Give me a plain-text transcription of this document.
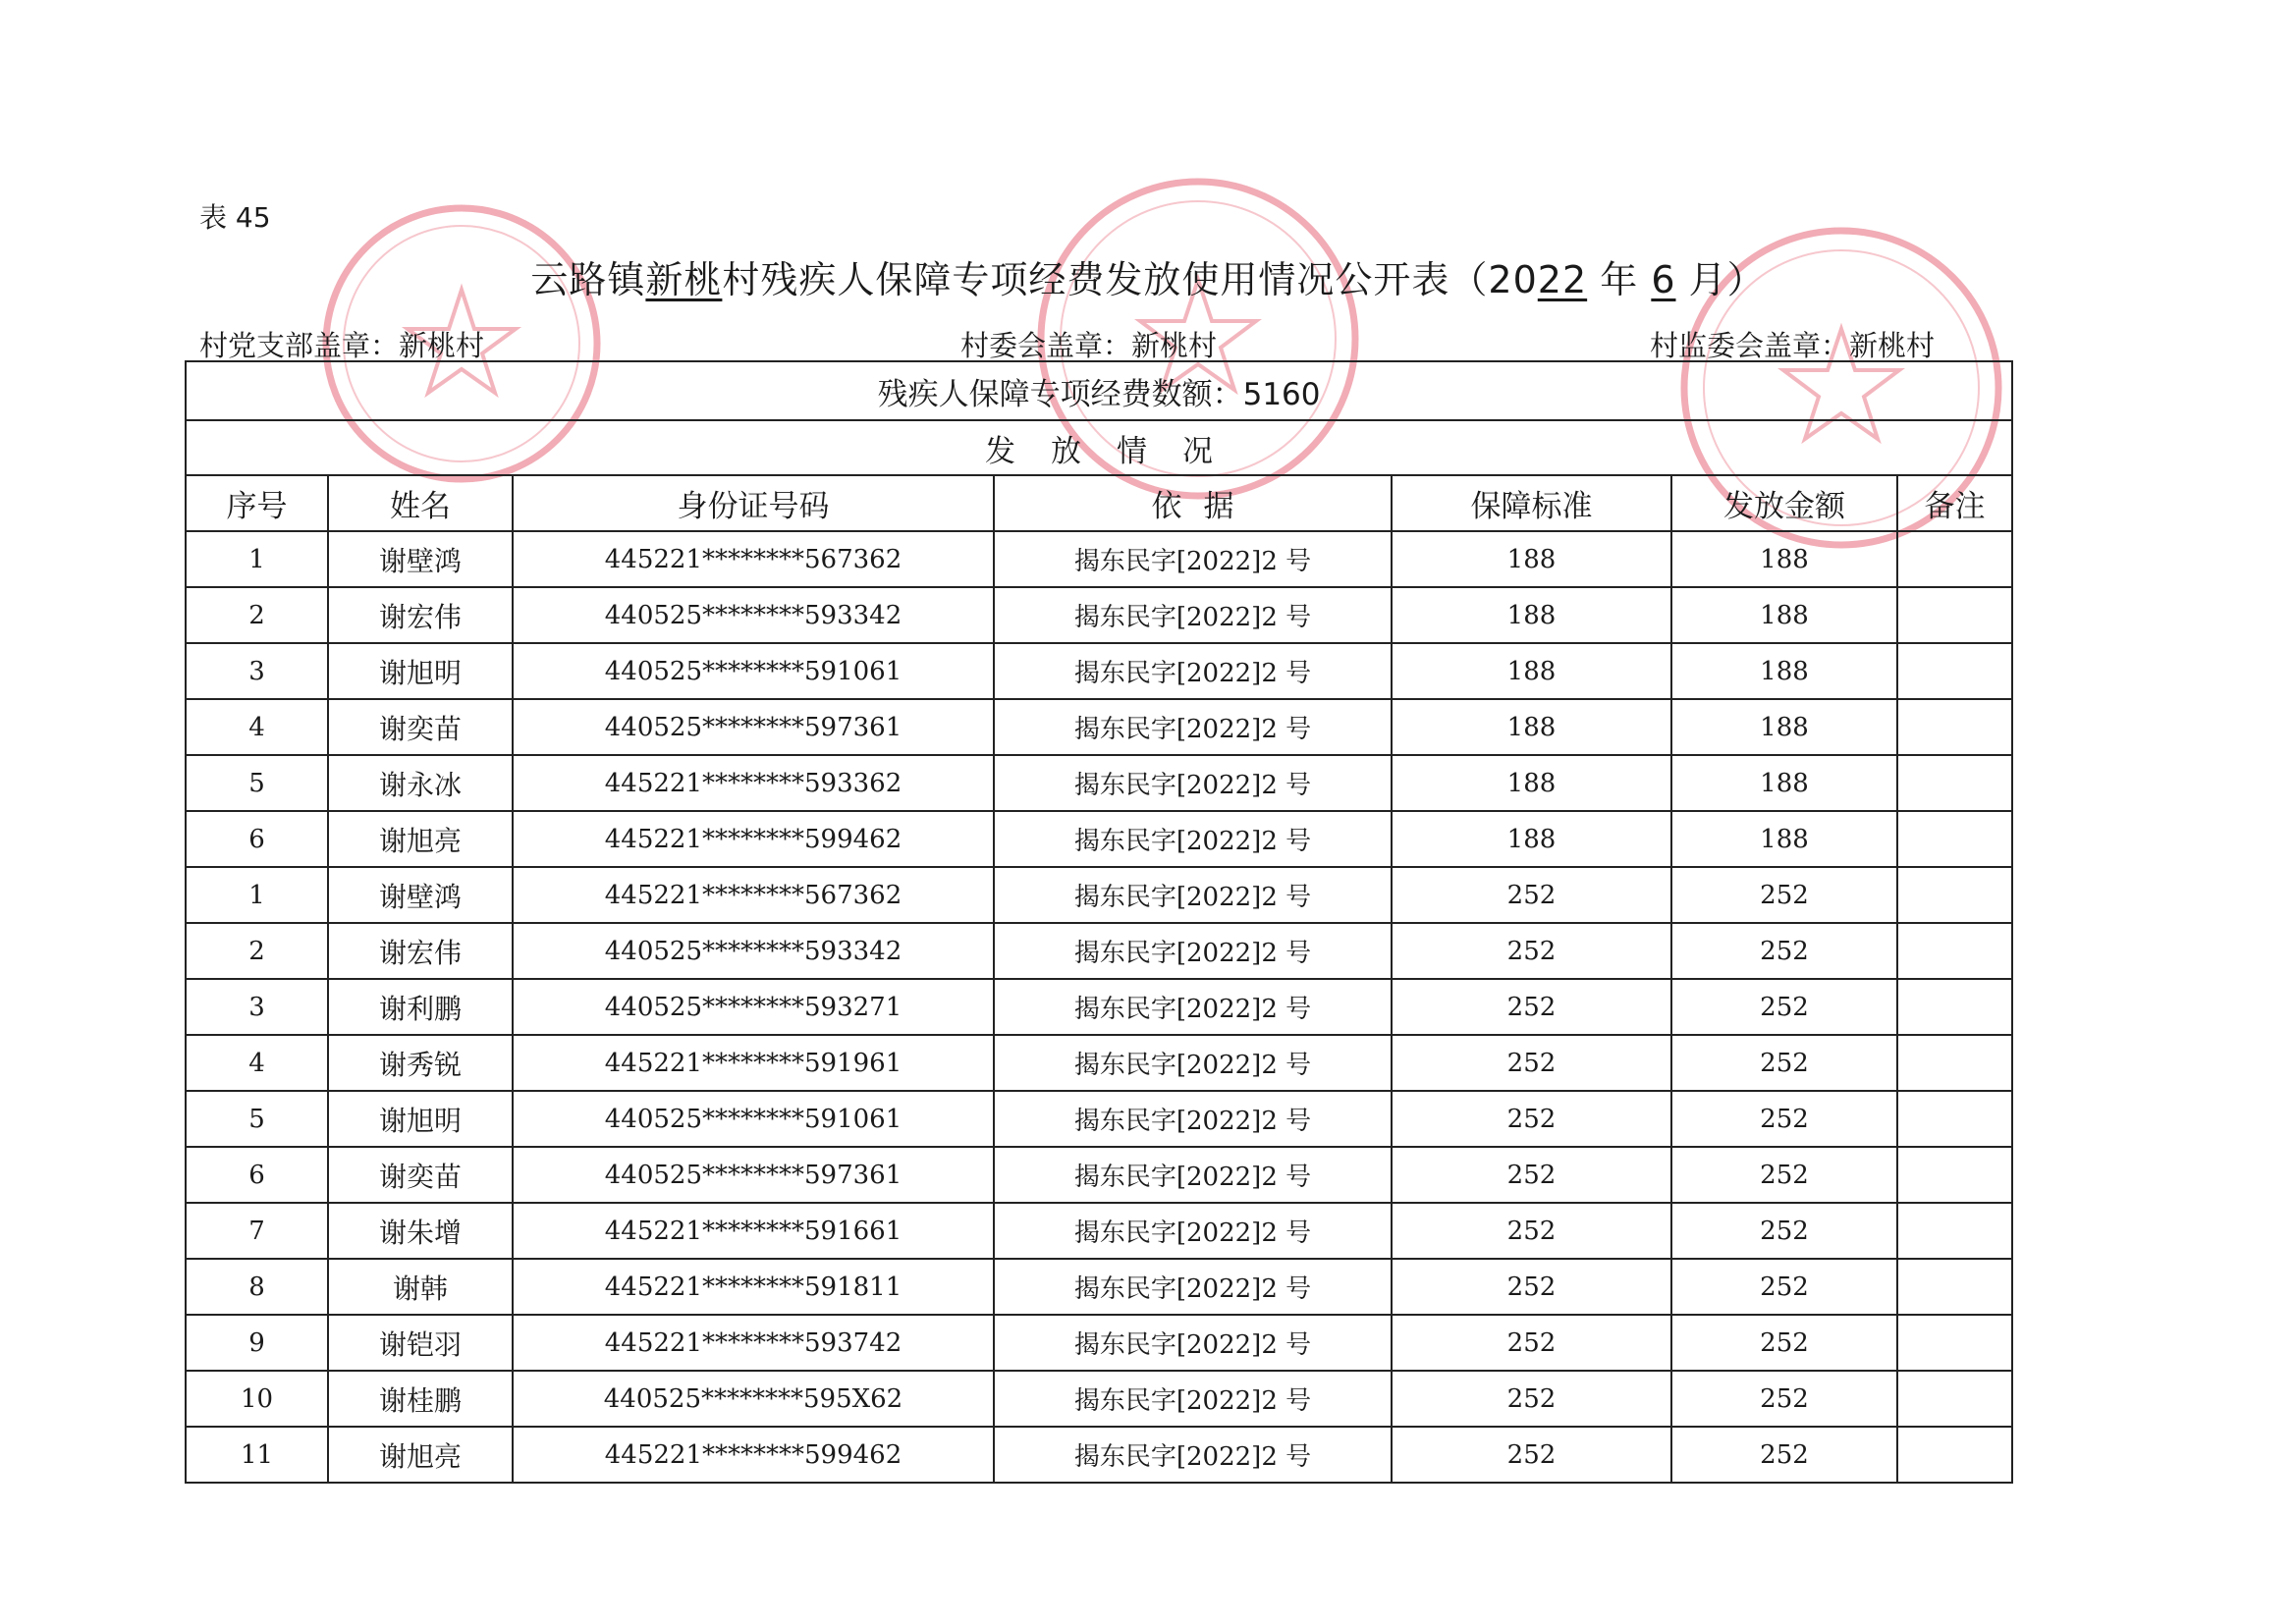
表 45
云路镇新桃村残疾人保障专项经费发放使用情况公开表（2022 年 6 月）
村党支部盖章：新桃村	村委会盖章：新桃村	村监委会盖章：新桃村
残疾人保障专项经费数额：5160						
发放情况						
序号	姓名	身份证号码	依据	保障标准	发放金额	备注
1	谢壁鸿	445221********567362	揭东民字[2022]2 号	188	188	
2	谢宏伟	440525********593342	揭东民字[2022]2 号	188	188	
3	谢旭明	440525********591061	揭东民字[2022]2 号	188	188	
4	谢奕苗	440525********597361	揭东民字[2022]2 号	188	188	
5	谢永冰	445221********593362	揭东民字[2022]2 号	188	188	
6	谢旭亮	445221********599462	揭东民字[2022]2 号	188	188	
1	谢壁鸿	445221********567362	揭东民字[2022]2 号	252	252	
2	谢宏伟	440525********593342	揭东民字[2022]2 号	252	252	
3	谢利鹏	440525********593271	揭东民字[2022]2 号	252	252	
4	谢秀锐	445221********591961	揭东民字[2022]2 号	252	252	
5	谢旭明	440525********591061	揭东民字[2022]2 号	252	252	
6	谢奕苗	440525********597361	揭东民字[2022]2 号	252	252	
7	谢朱增	445221********591661	揭东民字[2022]2 号	252	252	
8	谢韩	445221********591811	揭东民字[2022]2 号	252	252	
9	谢铠羽	445221********593742	揭东民字[2022]2 号	252	252	
10	谢桂鹏	440525********595X62	揭东民字[2022]2 号	252	252	
11	谢旭亮	445221********599462	揭东民字[2022]2 号	252	252	
